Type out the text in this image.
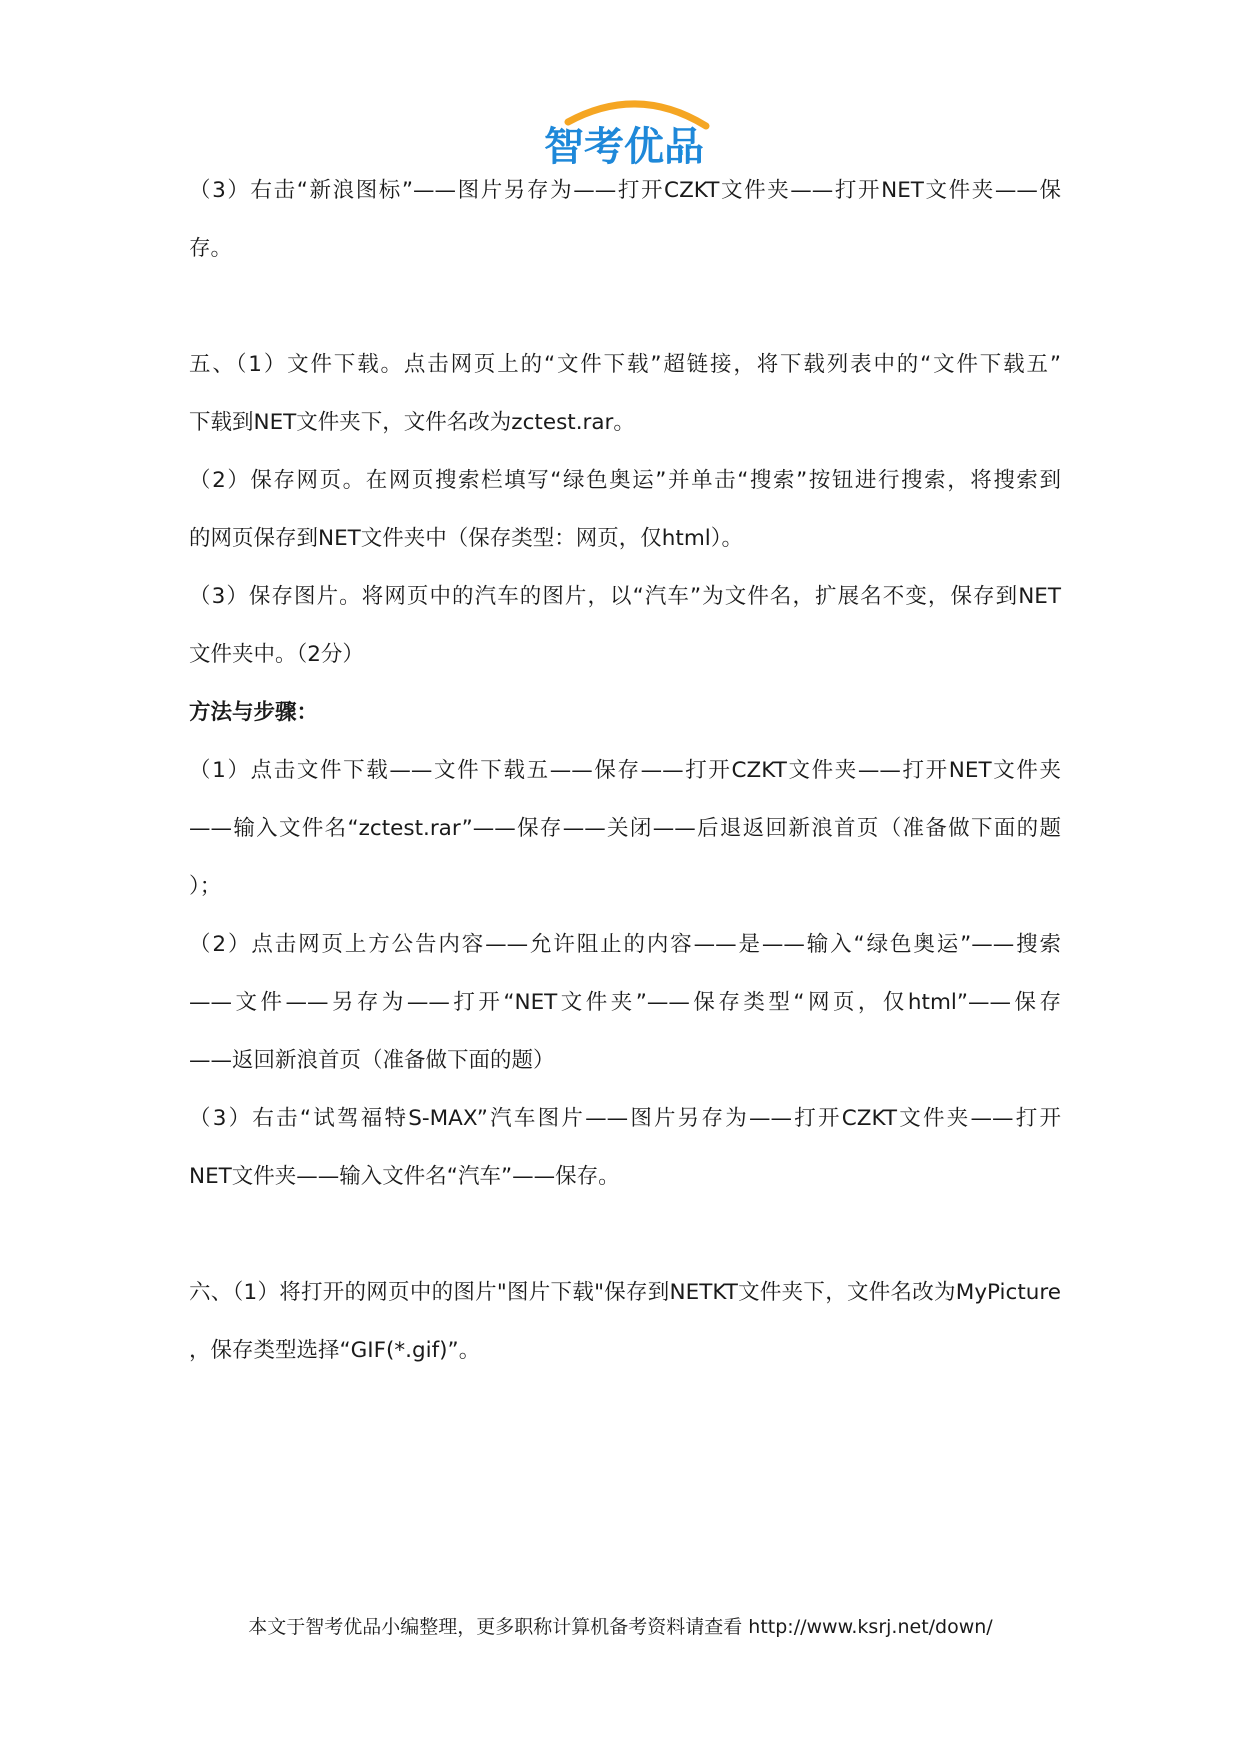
智考优品
（3）右击“新浪图标”——图片另存为——打开CZKT文件夹——打开NET文件夹——保
存。
五、（1）文件下载。点击网页上的“文件下载”超链接，将下载列表中的“文件下载五”
下载到NET文件夹下，文件名改为zctest.rar。
（2）保存网页。在网页搜索栏填写“绿色奥运”并单击“搜索”按钮进行搜索，将搜索到
的网页保存到NET文件夹中（保存类型：网页，仅html）。
（3）保存图片。将网页中的汽车的图片，以“汽车”为文件名，扩展名不变，保存到NET
文件夹中。（2分）
方法与步骤：
（1）点击文件下载——文件下载五——保存——打开CZKT文件夹——打开NET文件夹
——输入文件名“zctest.rar”——保存——关闭——后退返回新浪首页（准备做下面的题
）；
（2）点击网页上方公告内容——允许阻止的内容——是——输入“绿色奥运”——搜索
——文件——另存为——打开“NET文件夹”——保存类型“网页，仅html”——保存
——返回新浪首页（准备做下面的题）
（3）右击“试驾福特S-MAX”汽车图片——图片另存为——打开CZKT文件夹——打开
NET文件夹——输入文件名“汽车”——保存。
六、（1）将打开的网页中的图片"图片下载"保存到NETKT文件夹下，文件名改为MyPicture
，保存类型选择“GIF(*.gif)”。
本文于智考优品小编整理，更多职称计算机备考资料请查看 http://www.ksrj.net/down/
